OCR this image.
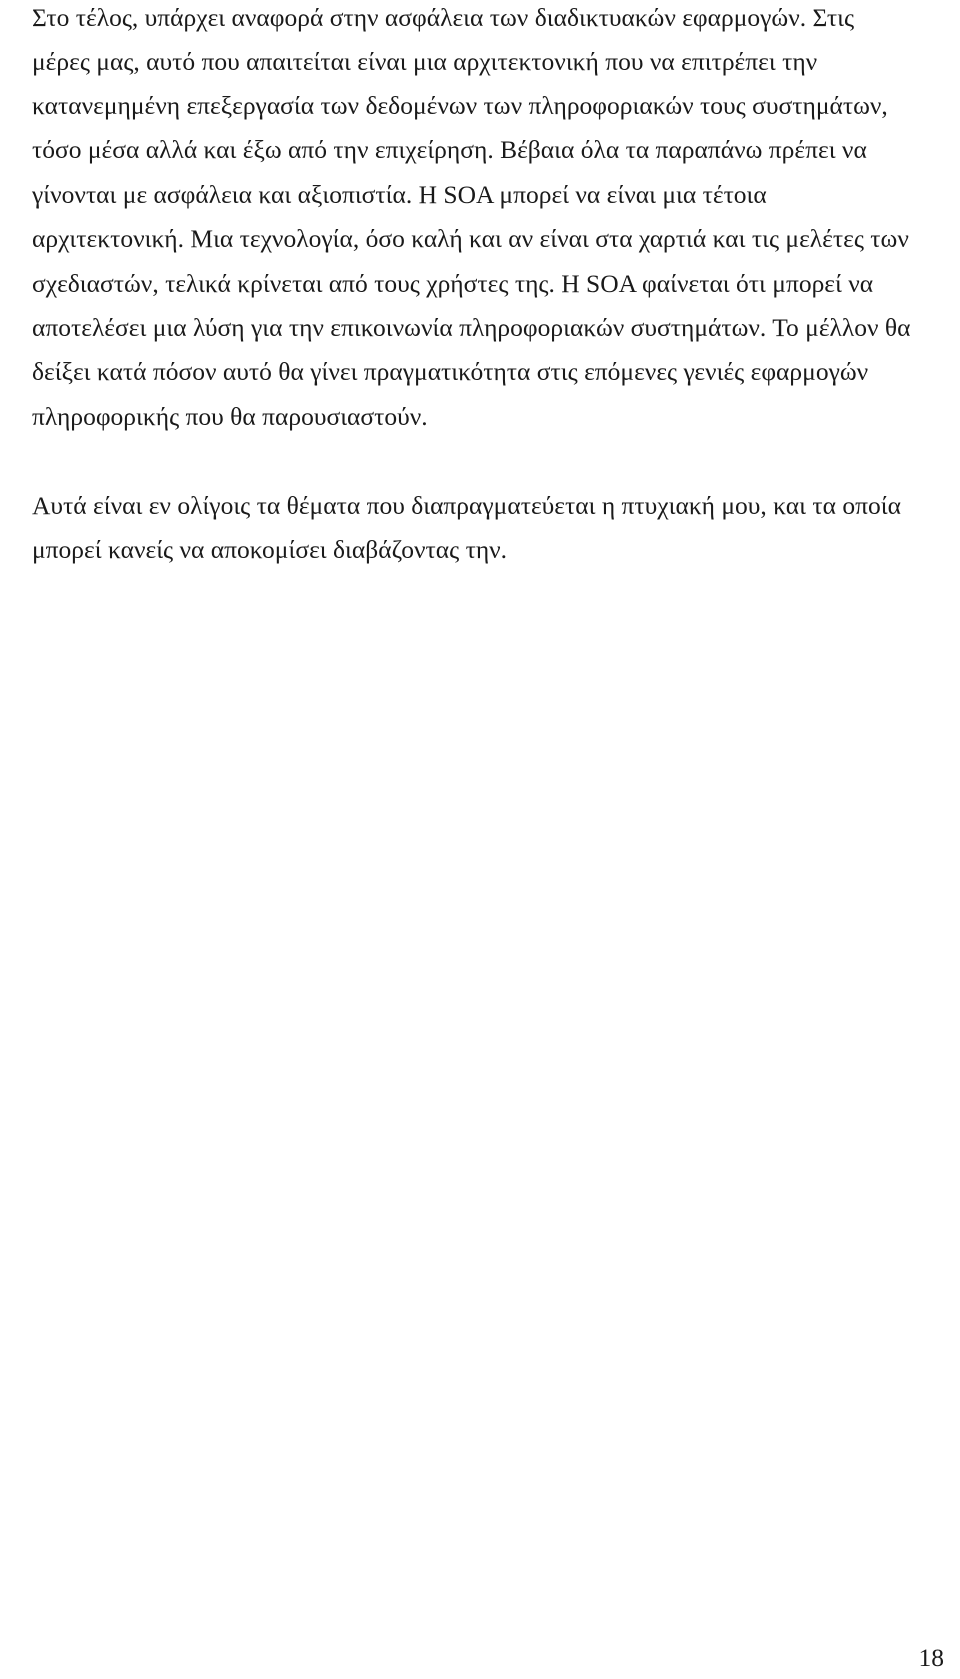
Στο τέλος, υπάρχει αναφορά στην ασφάλεια των διαδικτυακών εφαρμογών. Στις

μέρες μας, αυτό που απαιτείται είναι μια αρχιτεκτονική που να επιτρέπει την

κατανεμημένη επεξεργασία των δεδομένων των πληροφοριακών τους συστημάτων,

τόσο μέσα αλλά και έξω από την επιχείρηση. Βέβαια όλα τα παραπάνω πρέπει να

γίνονται με ασφάλεια και αξιοπιστία. Η SOA μπορεί να είναι μια τέτοια

αρχιτεκτονική. Μια τεχνολογία, όσο καλή και αν είναι στα χαρτιά και τις μελέτες των

σχεδιαστών, τελικά κρίνεται από τους χρήστες της. Η SOA φαίνεται ότι μπορεί να

αποτελέσει μια λύση για την επικοινωνία πληροφοριακών συστημάτων. Το μέλλον θα

δείξει κατά πόσον αυτό θα γίνει πραγματικότητα στις επόμενες γενιές εφαρμογών

πληροφορικής που θα παρουσιαστούν.

Αυτά είναι εν ολίγοις τα θέματα που διαπραγματεύεται η πτυχιακή μου, και τα οποία

μπορεί κανείς να αποκομίσει διαβάζοντας την.

18
